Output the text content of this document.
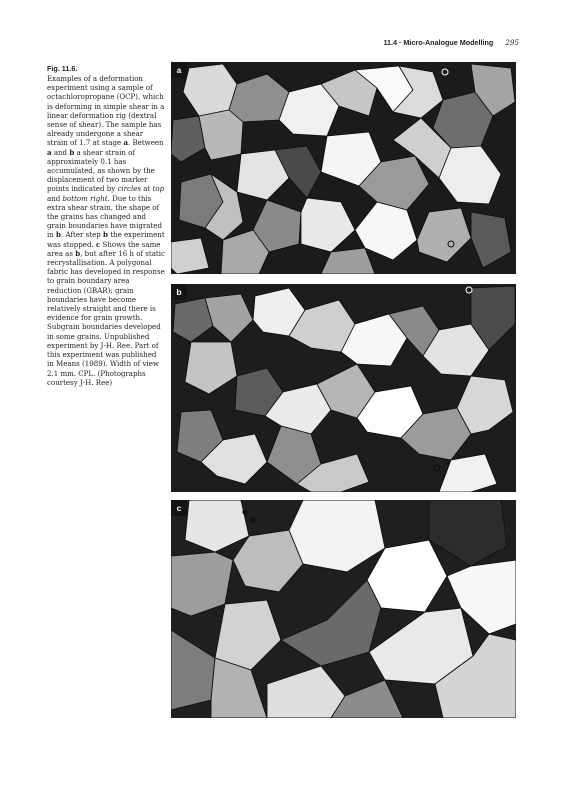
11.4 · Micro-Analogue Modelling 295
Fig. 11.6.
Examples of a deformation experiment using a sample of octachloropropane (OCP), which is deforming in simple shear in a linear deformation rig (dextral sense of shear). The sample has already undergone a shear strain of 1.7 at stage a. Between a and b a shear strain of approximately 0.1 has accumulated, as shown by the displacement of two marker points indicated by circles at top and bottom right. Due to this extra shear strain, the shape of the grains has changed and grain boundaries have migrated in b. After step b the experiment was stopped. c Shows the same area as b, but after 16 h of static recrystallisation. A polygonal fabric has developed in response to grain boundary area reduction (GBAR); grain boundaries have become relatively straight and there is evidence for grain growth. Subgrain boundaries developed in some grains. Unpublished experiment by J-H. Ree. Part of this experiment was published in Means (1989). Width of view 2.1 mm. CPL. (Photographs courtesy J-H. Ree)
a
b
c
